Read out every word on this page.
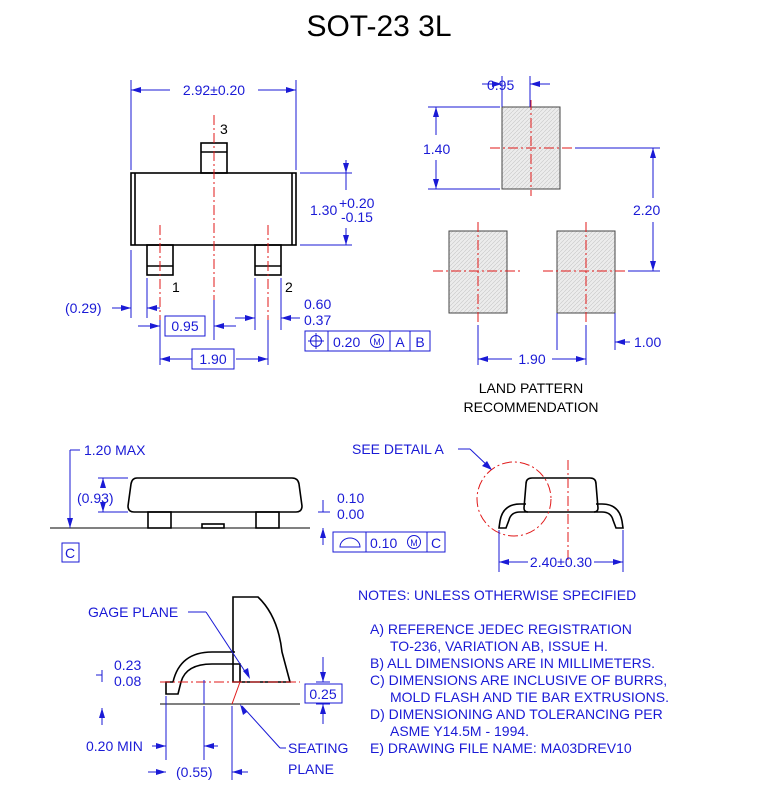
SOT-23 3L
3
1	2
2.92±0.20
1.30 +0.20
-0.15
(0.29)
0.95
0.60
0.37
0.20 M A B
1.90
0.95
1.40
2.20
1.90
1.00
LAND PATTERN
RECOMMENDATION
1.20 MAX
(0.93)
C
0.10
0.00
0.10 M C
SEE DETAIL A
2.40±0.30
GAGE PLANE
0.23
0.08
0.25
0.20 MIN
(0.55)
SEATING
PLANE
NOTES: UNLESS OTHERWISE SPECIFIED
A) REFERENCE JEDEC REGISTRATION
TO-236, VARIATION AB, ISSUE H.
B) ALL DIMENSIONS ARE IN MILLIMETERS.
C) DIMENSIONS ARE INCLUSIVE OF BURRS,
MOLD FLASH AND TIE BAR EXTRUSIONS.
D) DIMENSIONING AND TOLERANCING PER
ASME Y14.5M - 1994.
E) DRAWING FILE NAME: MA03DREV10
